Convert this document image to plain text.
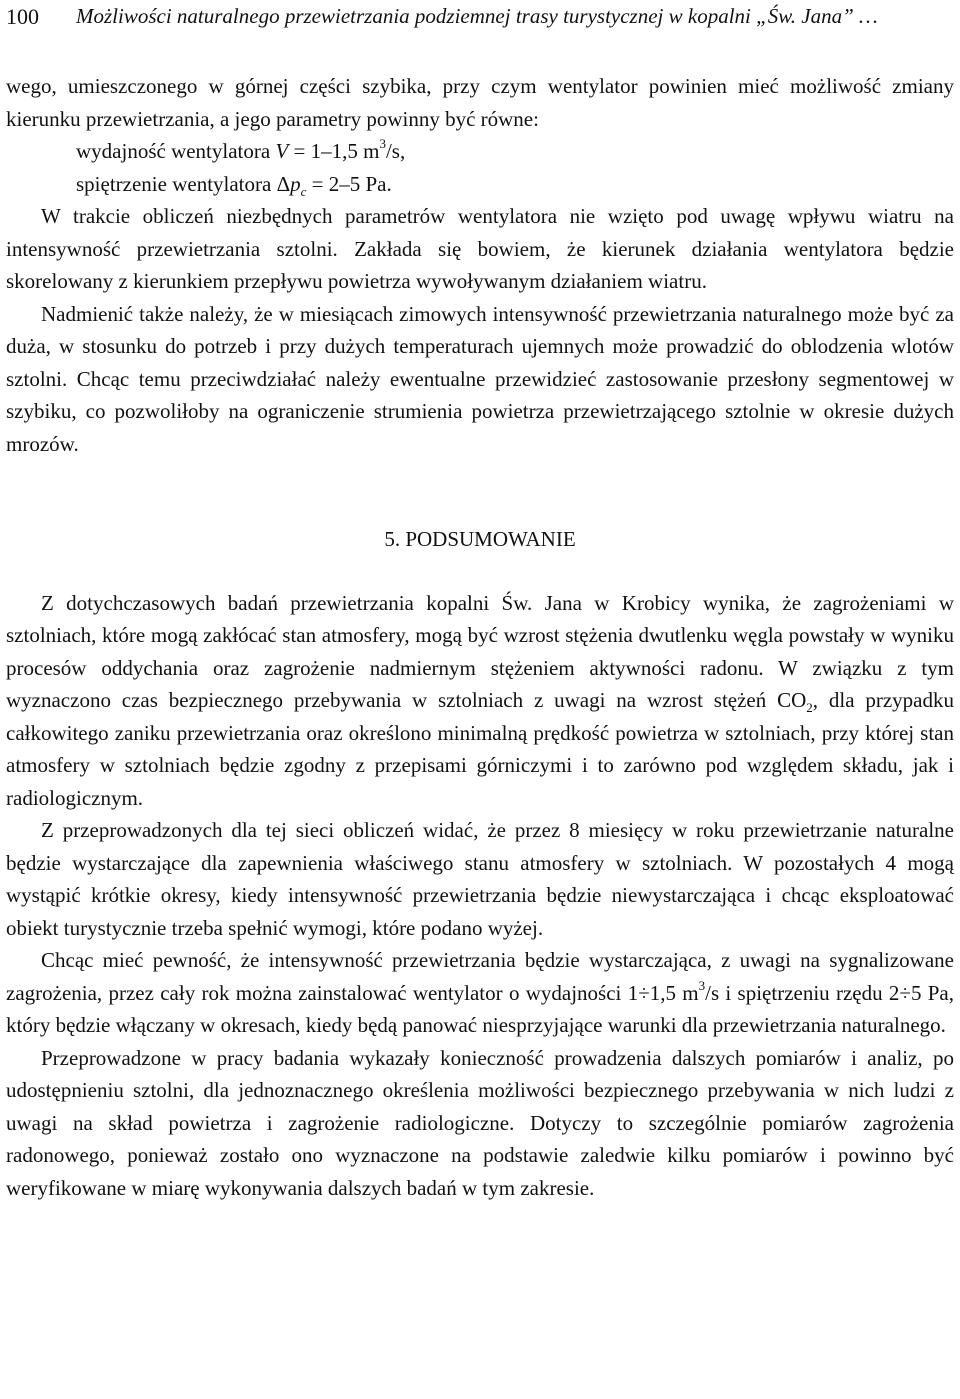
100 Możliwości naturalnego przewietrzania podziemnej trasy turystycznej w kopalni „Św. Jana” …

wego, umieszczonego w górnej części szybika, przy czym wentylator powinien mieć możliwość zmiany kierunku przewietrzania, a jego parametry powinny być równe:

wydajność wentylatora V = 1–1,5 $m^3/s$,

spiętrzenie wentylatora $\Delta p_c = 2-5$ Pa.

W trakcie obliczeń niezbędnych parametrów wentylatora nie wzięto pod uwagę wpływu wiatru na intensywność przewietrzania sztolni. Zakłada się bowiem, że kierunek działania wentylatora będzie skorelowany z kierunkiem przepływu powietrza wywoływanym działaniem wiatru.

Nadmienić także należy, że w miesiącach zimowych intensywność przewietrzania naturalnego może być za duża, w stosunku do potrzeb i przy dużych temperaturach ujemnych może prowadzić do oblodzenia wlotów sztolni. Chcąc temu przeciwdziałać należy ewentualne przewidzieć zastosowanie przesłony segmentowej w szybiku, co pozwoliłoby na ograniczenie strumienia powietrza przewietrzającego sztolnie w okresie dużych mrozów.

5. PODSUMOWANIE

Z dotychczasowych badań przewietrzania kopalni Św. Jana w Krobicy wynika, że zagrożeniami w sztolniach, które mogą zakłócać stan atmosfery, mogą być wzrost stężenia dwutlenku węgla powstały w wyniku procesów oddychania oraz zagrożenie nadmiernym stężeniem aktywności radonu. W związku z tym wyznaczono czas bezpiecznego przebywania w sztolniach z uwagi na wzrost stężeń $CO_2$, dla przypadku całkowitego zaniku przewietrzania oraz określono minimalną prędkość powietrza w sztolniach, przy której stan atmosfery w sztolniach będzie zgodny z przepisami górniczymi i to zarówno pod względem składu, jak i radiologicznym.

Z przeprowadzonych dla tej sieci obliczeń widać, że przez 8 miesięcy w roku przewietrzanie naturalne będzie wystarczające dla zapewnienia właściwego stanu atmosfery w sztolniach. W pozostałych 4 mogą wystąpić krótkie okresy, kiedy intensywność przewietrzania będzie niewystarczająca i chcąc eksploatować obiekt turystycznie trzeba spełnić wymogi, które podano wyżej.

Chcąc mieć pewność, że intensywność przewietrzania będzie wystarczająca, z uwagi na sygnalizowane zagrożenia, przez cały rok można zainstalować wentylator o wydajności 1÷1,5 $m^3/s$ i spiętrzeniu rzędu 2÷5 Pa, który będzie włączany w okresach, kiedy będą panować niesprzyjające warunki dla przewietrzania naturalnego.

Przeprowadzone w pracy badania wykazały konieczność prowadzenia dalszych pomiarów i analiz, po udostępnieniu sztolni, dla jednoznacznego określenia możliwości bezpiecznego przebywania w nich ludzi z uwagi na skład powietrza i zagrożenie radiologiczne. Dotyczy to szczególnie pomiarów zagrożenia radonowego, ponieważ zostało ono wyznaczone na podstawie zaledwie kilku pomiarów i powinno być weryfikowane w miarę wykonywania dalszych badań w tym zakresie.
